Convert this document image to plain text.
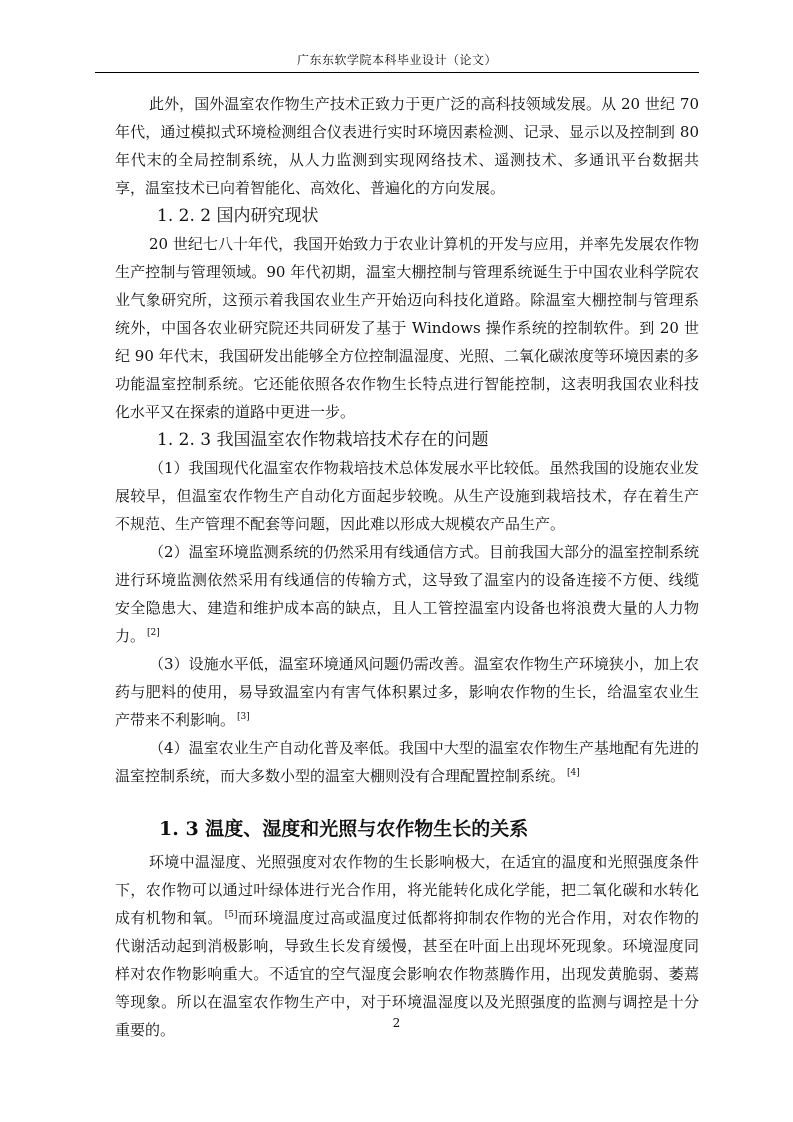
广东东软学院本科毕业设计（论文）

此外，国外温室农作物生产技术正致力于更广泛的高科技领域发展。从 20 世纪 70 年代，通过模拟式环境检测组合仪表进行实时环境因素检测、记录、显示以及控制到 80 年代末的全局控制系统，从人力监测到实现网络技术、遥测技术、多通讯平台数据共享，温室技术已向着智能化、高效化、普遍化的方向发展。

1. 2. 2 国内研究现状

20 世纪七八十年代，我国开始致力于农业计算机的开发与应用，并率先发展农作物生产控制与管理领域。90 年代初期，温室大棚控制与管理系统诞生于中国农业科学院农业气象研究所，这预示着我国农业生产开始迈向科技化道路。除温室大棚控制与管理系统外，中国各农业研究院还共同研发了基于 Windows 操作系统的控制软件。到 20 世纪 90 年代末，我国研发出能够全方位控制温湿度、光照、二氧化碳浓度等环境因素的多功能温室控制系统。它还能依照各农作物生长特点进行智能控制，这表明我国农业科技化水平又在探索的道路中更进一步。

1. 2. 3 我国温室农作物栽培技术存在的问题

（1）我国现代化温室农作物栽培技术总体发展水平比较低。虽然我国的设施农业发展较早，但温室农作物生产自动化方面起步较晚。从生产设施到栽培技术，存在着生产不规范、生产管理不配套等问题，因此难以形成大规模农产品生产。

（2）温室环境监测系统的仍然采用有线通信方式。目前我国大部分的温室控制系统进行环境监测依然采用有线通信的传输方式，这导致了温室内的设备连接不方便、线缆安全隐患大、建造和维护成本高的缺点，且人工管控温室内设备也将浪费大量的人力物力。 [2]

（3）设施水平低，温室环境通风问题仍需改善。温室农作物生产环境狭小，加上农药与肥料的使用，易导致温室内有害气体积累过多，影响农作物的生长，给温室农业生产带来不利影响。 [3]

（4）温室农业生产自动化普及率低。我国中大型的温室农作物生产基地配有先进的温室控制系统，而大多数小型的温室大棚则没有合理配置控制系统。 [4]

1. 3 温度、湿度和光照与农作物生长的关系

环境中温湿度、光照强度对农作物的生长影响极大，在适宜的温度和光照强度条件下，农作物可以通过叶绿体进行光合作用，将光能转化成化学能，把二氧化碳和水转化成有机物和氧。 [5]而环境温度过高或温度过低都将抑制农作物的光合作用，对农作物的代谢活动起到消极影响，导致生长发育缓慢，甚至在叶面上出现坏死现象。环境湿度同样对农作物影响重大。不适宜的空气湿度会影响农作物蒸腾作用，出现发黄脆弱、萎蔫等现象。所以在温室农作物生产中，对于环境温湿度以及光照强度的监测与调控是十分重要的。	2
